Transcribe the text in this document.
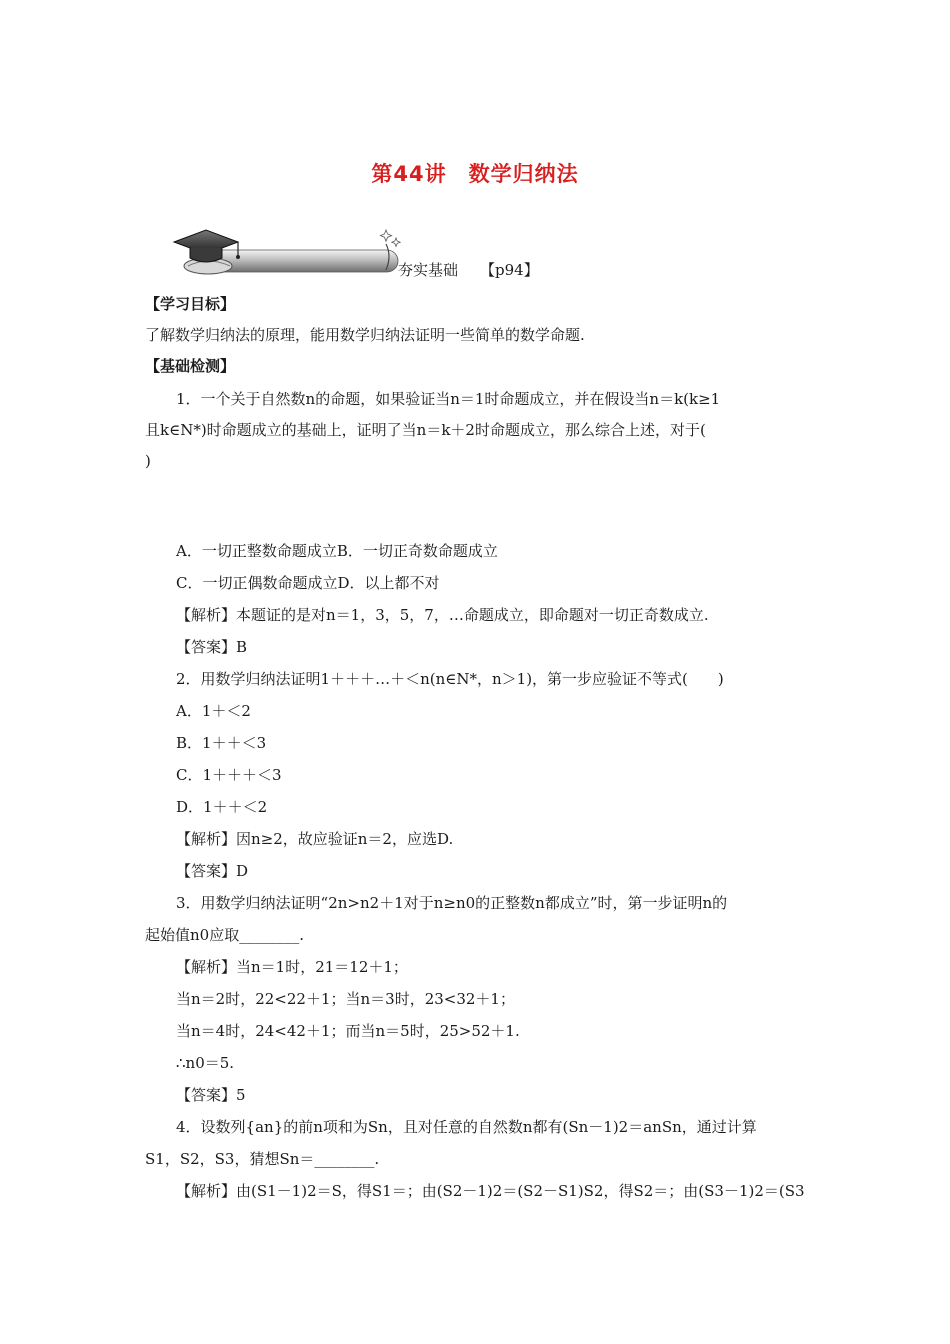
第44讲　数学归纳法
夯实基础 【p94】
【学习目标】
了解数学归纳法的原理，能用数学归纳法证明一些简单的数学命题.
【基础检测】
1．一个关于自然数n的命题，如果验证当n＝1时命题成立，并在假设当n＝k(k≥1
且k∈N*)时命题成立的基础上，证明了当n＝k＋2时命题成立，那么综合上述，对于(
)
A．一切正整数命题成立B．一切正奇数命题成立
C．一切正偶数命题成立D．以上都不对
【解析】本题证的是对n＝1，3，5，7，…命题成立，即命题对一切正奇数成立.
【答案】B
2．用数学归纳法证明1＋＋＋…＋＜n(n∈N*，n＞1)，第一步应验证不等式(　　)
A．1＋＜2
B．1＋＋＜3
C．1＋＋＋＜3
D．1＋＋＜2
【解析】因n≥2，故应验证n＝2，应选D.
【答案】D
3．用数学归纳法证明“2n>n2＋1对于n≥n0的正整数n都成立”时，第一步证明n的
起始值n0应取________.
【解析】当n＝1时，21＝12＋1；
当n＝2时，22<22＋1；当n＝3时，23<32＋1；
当n＝4时，24<42＋1；而当n＝5时，25>52＋1.
∴n0＝5.
【答案】5
4．设数列{an}的前n项和为Sn，且对任意的自然数n都有(Sn－1)2＝anSn，通过计算
S1，S2，S3，猜想Sn＝________.
【解析】由(S1－1)2＝S，得S1＝；由(S2－1)2＝(S2－S1)S2，得S2＝；由(S3－1)2＝(S3
